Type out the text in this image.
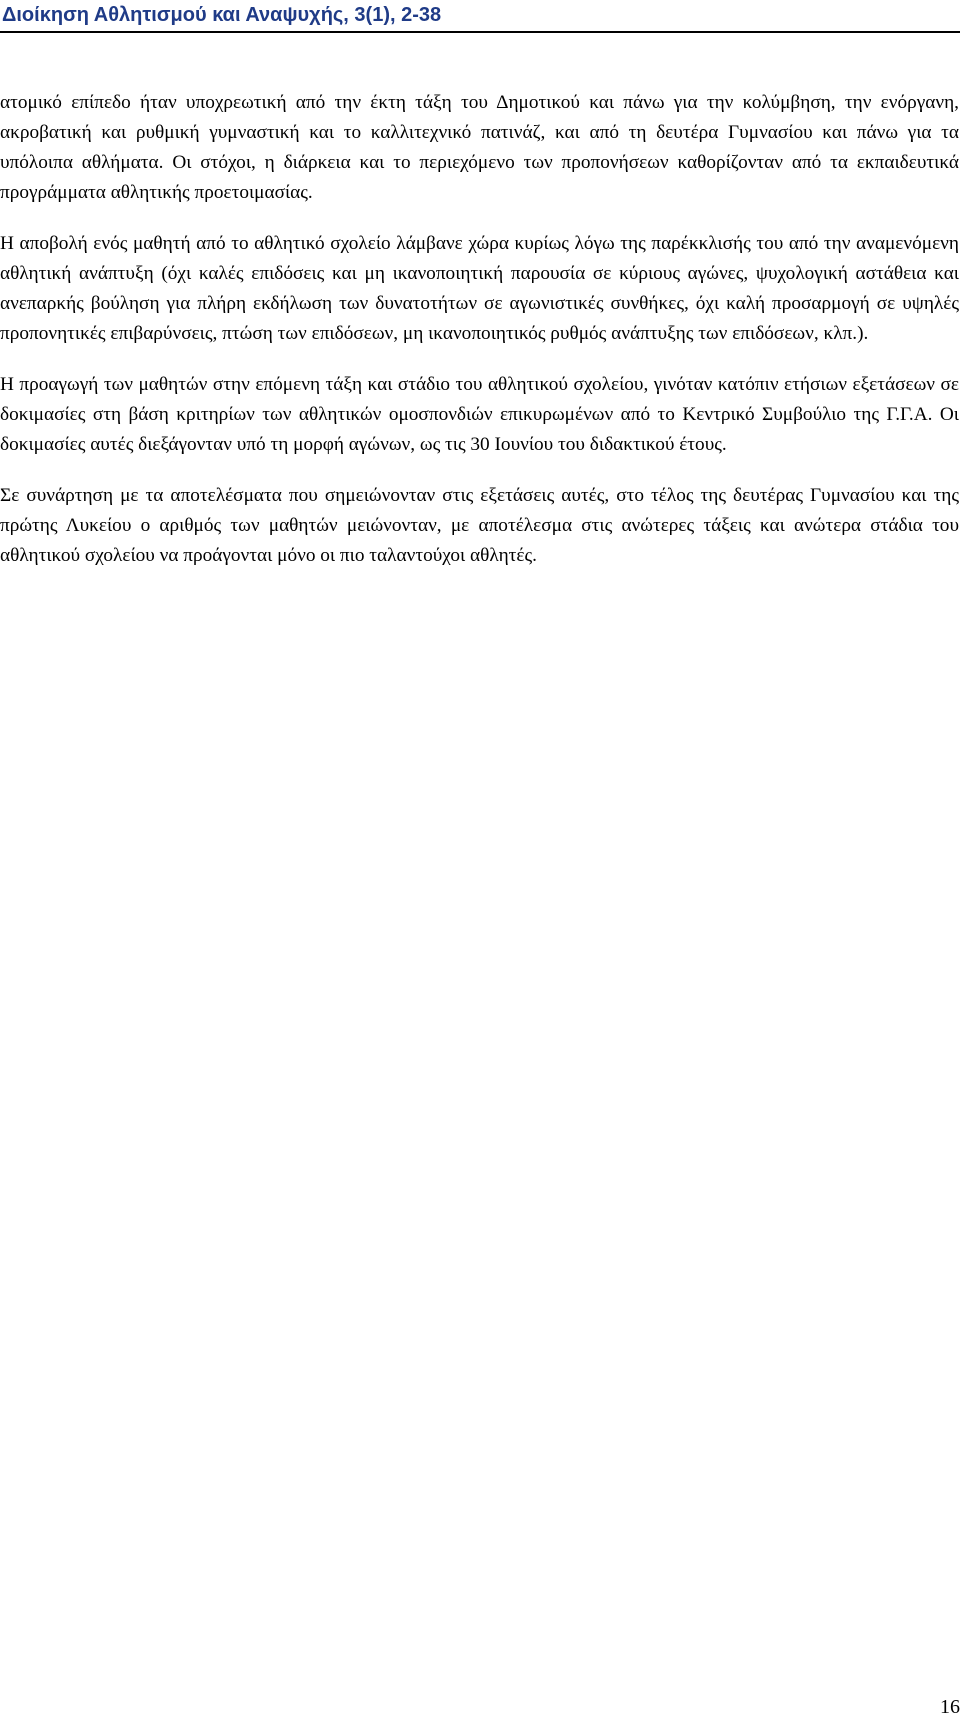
Διοίκηση Αθλητισμού και Αναψυχής, 3(1), 2-38

ατομικό επίπεδο ήταν υποχρεωτική από την έκτη τάξη του Δημοτικού και πάνω για την κολύμβηση, την ενόργανη, ακροβατική και ρυθμική γυμναστική και το καλλιτεχνικό πατινάζ, και από τη δευτέρα Γυμνασίου και πάνω για τα υπόλοιπα αθλήματα. Οι στόχοι, η διάρκεια και το περιεχόμενο των προπονήσεων καθορίζονταν από τα εκπαιδευτικά προγράμματα αθλητικής προετοιμασίας.

Η αποβολή ενός μαθητή από το αθλητικό σχολείο λάμβανε χώρα κυρίως λόγω της παρέκκλισής του από την αναμενόμενη αθλητική ανάπτυξη (όχι καλές επιδόσεις και μη ικανοποιητική παρουσία σε κύριους αγώνες, ψυχολογική αστάθεια και ανεπαρκής βούληση για πλήρη εκδήλωση των δυνατοτήτων σε αγωνιστικές συνθήκες, όχι καλή προσαρμογή σε υψηλές προπονητικές επιβαρύνσεις, πτώση των επιδόσεων, μη ικανοποιητικός ρυθμός ανάπτυξης των επιδόσεων, κλπ.).

Η προαγωγή των μαθητών στην επόμενη τάξη και στάδιο του αθλητικού σχολείου, γινόταν κατόπιν ετήσιων εξετάσεων σε δοκιμασίες στη βάση κριτηρίων των αθλητικών ομοσπονδιών επικυρωμένων από το Κεντρικό Συμβούλιο της Γ.Γ.Α. Οι δοκιμασίες αυτές διεξάγονταν υπό τη μορφή αγώνων, ως τις 30 Ιουνίου του διδακτικού έτους.

Σε συνάρτηση με τα αποτελέσματα που σημειώνονταν στις εξετάσεις αυτές, στο τέλος της δευτέρας Γυμνασίου και της πρώτης Λυκείου ο αριθμός των μαθητών μειώνονταν, με αποτέλεσμα στις ανώτερες τάξεις και ανώτερα στάδια του αθλητικού σχολείου να προάγονται μόνο οι πιο ταλαντούχοι αθλητές.

16
